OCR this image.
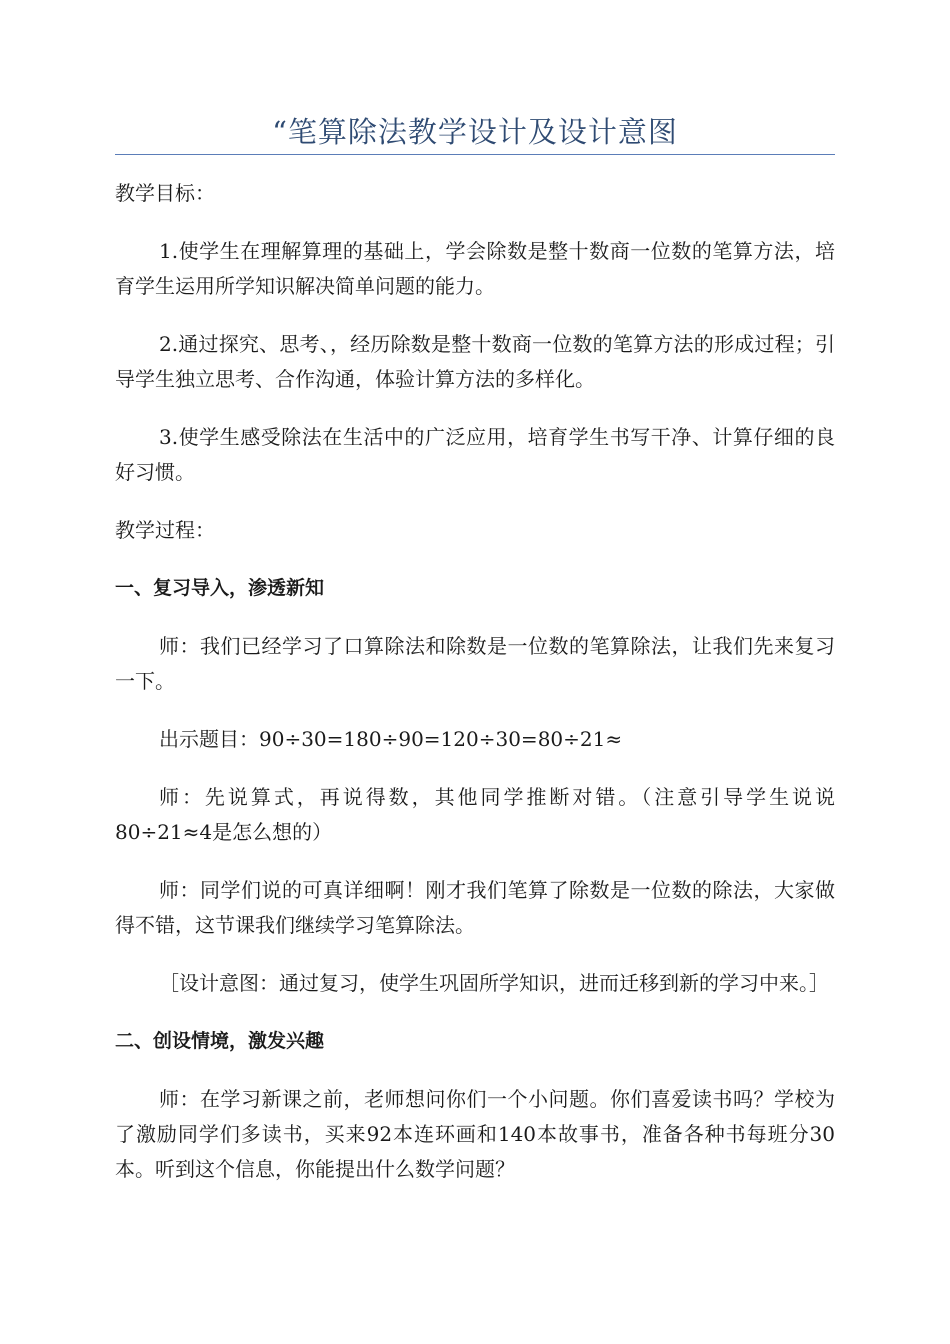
“笔算除法教学设计及设计意图

教学目标：

1.使学生在理解算理的基础上，学会除数是整十数商一位数的笔算方法，培育学生运用所学知识解决简单问题的能力。

2.通过探究、思考、，经历除数是整十数商一位数的笔算方法的形成过程；引导学生独立思考、合作沟通，体验计算方法的多样化。

3.使学生感受除法在生活中的广泛应用，培育学生书写干净、计算仔细的良好习惯。

教学过程：

一、复习导入，渗透新知

师：我们已经学习了口算除法和除数是一位数的笔算除法，让我们先来复习一下。

出示题目：90÷30=180÷90=120÷30=80÷21≈

师：先说算式，再说得数，其他同学推断对错。（注意引导学生说说80÷21≈4是怎么想的）

师：同学们说的可真详细啊！刚才我们笔算了除数是一位数的除法，大家做得不错，这节课我们继续学习笔算除法。

［设计意图：通过复习，使学生巩固所学知识，进而迁移到新的学习中来。］

二、创设情境，激发兴趣

师：在学习新课之前，老师想问你们一个小问题。你们喜爱读书吗？学校为了激励同学们多读书，买来92本连环画和140本故事书，准备各种书每班分30本。听到这个信息，你能提出什么数学问题？
